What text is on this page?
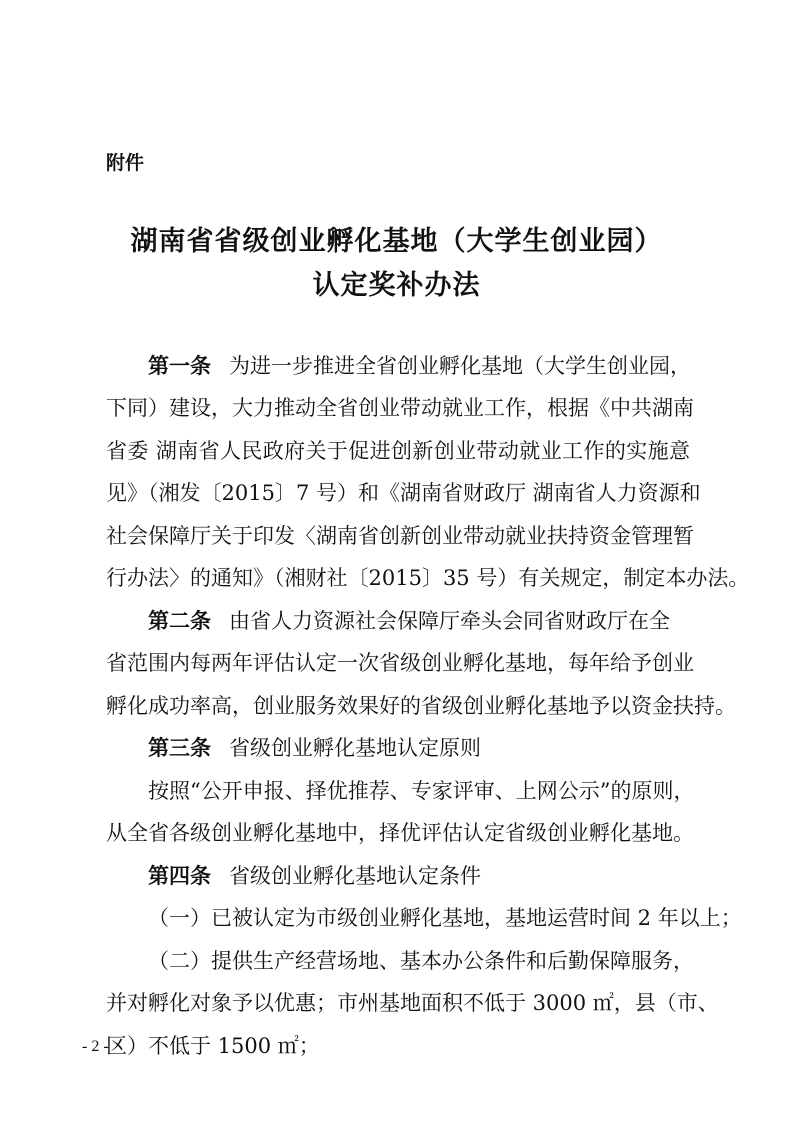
附件
湖南省省级创业孵化基地（大学生创业园）
认定奖补办法
第一条 为进一步推进全省创业孵化基地（大学生创业园，
下同）建设，大力推动全省创业带动就业工作，根据《中共湖南
省委 湖南省人民政府关于促进创新创业带动就业工作的实施意
见》（湘发〔2015〕7 号）和《湖南省财政厅 湖南省人力资源和
社会保障厅关于印发〈湖南省创新创业带动就业扶持资金管理暂
行办法〉的通知》（湘财社〔2015〕35 号）有关规定，制定本办法。
第二条 由省人力资源社会保障厅牵头会同省财政厅在全
省范围内每两年评估认定一次省级创业孵化基地，每年给予创业
孵化成功率高，创业服务效果好的省级创业孵化基地予以资金扶持。
第三条 省级创业孵化基地认定原则
按照“公开申报、择优推荐、专家评审、上网公示”的原则，
从全省各级创业孵化基地中，择优评估认定省级创业孵化基地。
第四条 省级创业孵化基地认定条件
（一）已被认定为市级创业孵化基地，基地运营时间 2 年以上；
（二）提供生产经营场地、基本办公条件和后勤保障服务，
并对孵化对象予以优惠；市州基地面积不低于 3000 ㎡，县（市、
区）不低于 1500 ㎡；
- 2 -
